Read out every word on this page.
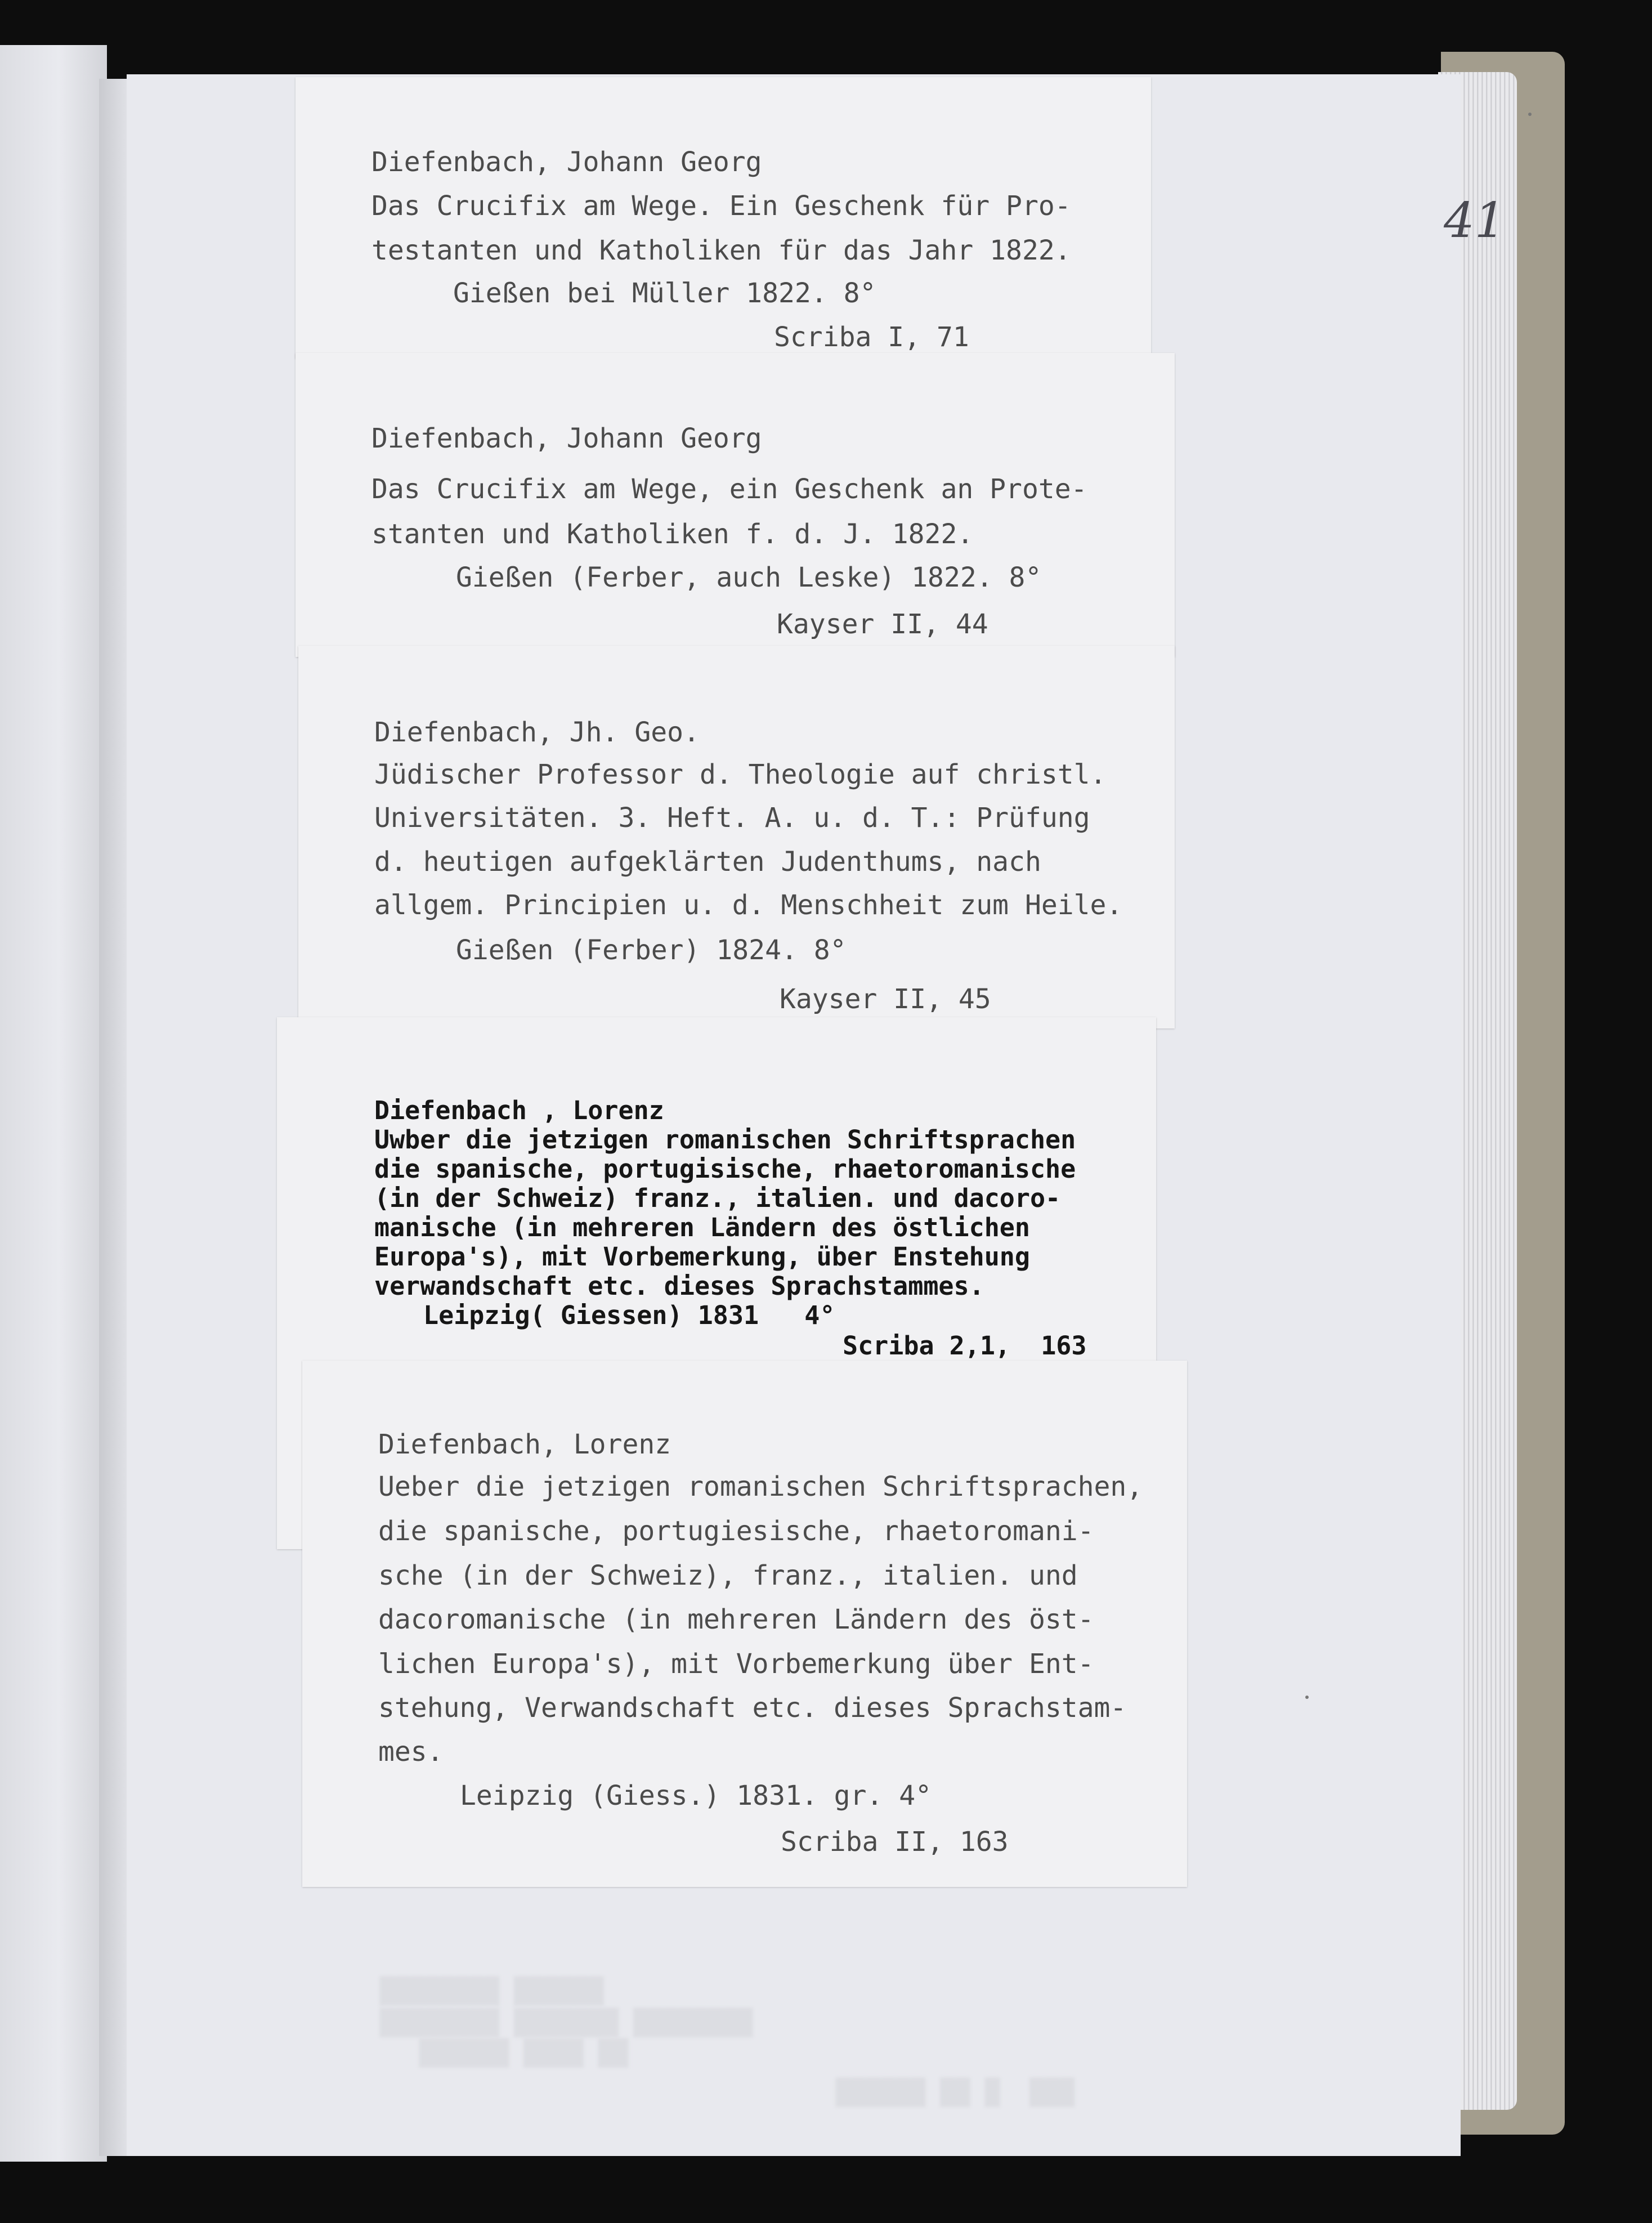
████████ ██████
████████ ███████ ████████
██████ ████ ██
██████ ██ █  ███
41
Diefenbach, Johann Georg
Das Crucifix am Wege. Ein Geschenk für Pro-
testanten und Katholiken für das Jahr 1822.
Gießen bei Müller 1822. 8°
Scriba I, 71
Diefenbach, Johann Georg
Das Crucifix am Wege, ein Geschenk an Prote-
stanten und Katholiken f. d. J. 1822.
Gießen (Ferber, auch Leske) 1822. 8°
Kayser II, 44
Diefenbach, Jh. Geo.
Jüdischer Professor d. Theologie auf christl.
Universitäten. 3. Heft. A. u. d. T.: Prüfung
d. heutigen aufgeklärten Judenthums, nach
allgem. Principien u. d. Menschheit zum Heile.
Gießen (Ferber) 1824. 8°
Kayser II, 45
Diefenbach , Lorenz
Uwber die jetzigen romanischen Schriftsprachen
die spanische, portugisische, rhaetoromanische
(in der Schweiz) franz., italien. und dacoro-
manische (in mehreren Ländern des östlichen
Europa's), mit Vorbemerkung, über Enstehung
verwandschaft etc. dieses Sprachstammes.
Leipzig( Giessen) 1831   4°
Scriba 2,1,  163
Diefenbach, Lorenz
Ueber die jetzigen romanischen Schriftsprachen,
die spanische, portugiesische, rhaetoromani-
sche (in der Schweiz), franz., italien. und
dacoromanische (in mehreren Ländern des öst-
lichen Europa's), mit Vorbemerkung über Ent-
stehung, Verwandschaft etc. dieses Sprachstam-
mes.
Leipzig (Giess.) 1831. gr. 4°
Scriba II, 163
